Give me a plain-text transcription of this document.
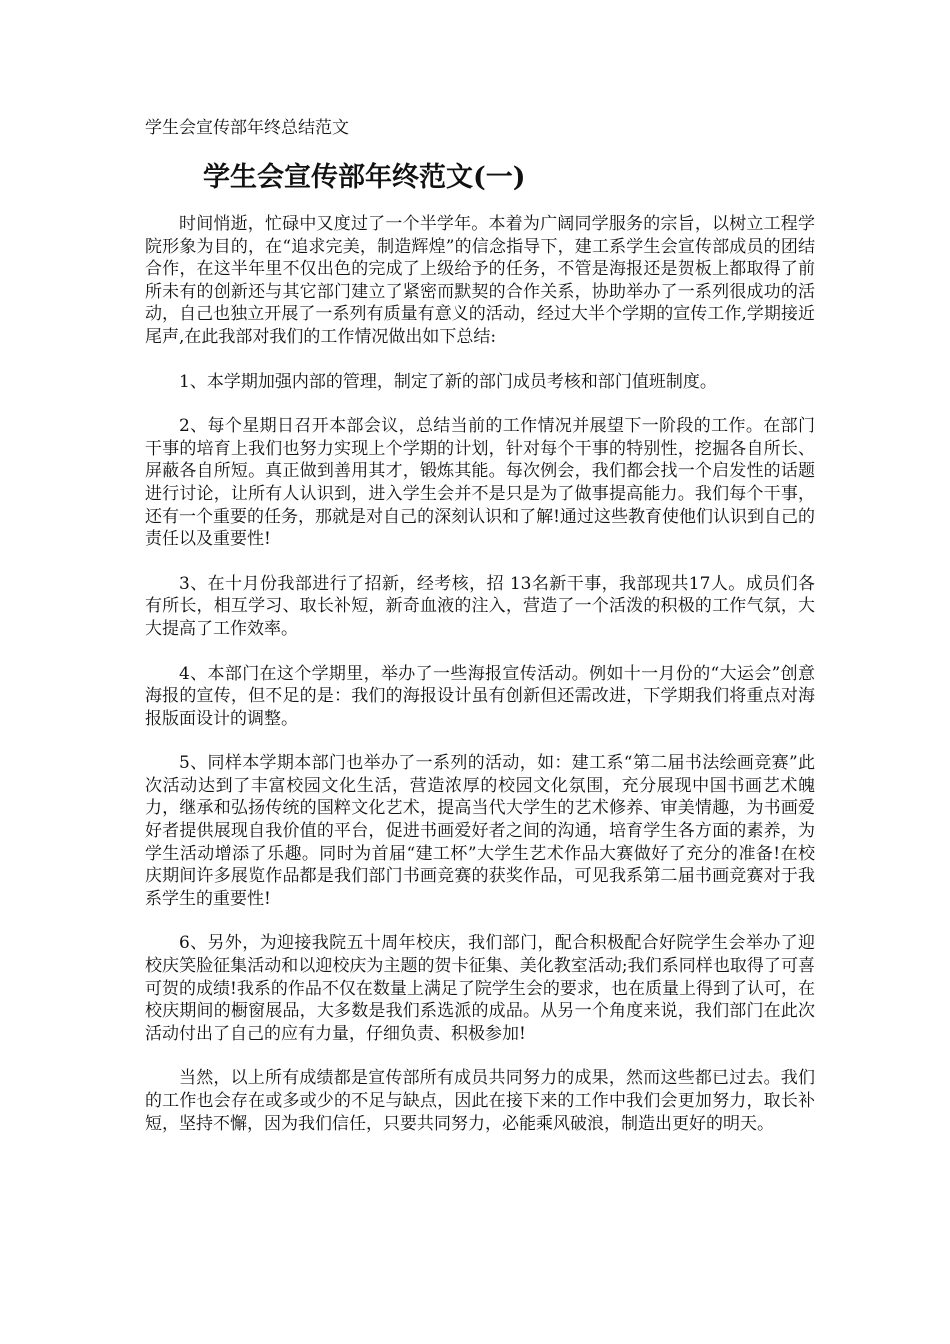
学生会宣传部年终总结范文
学生会宣传部年终范文(一)

时间悄逝，忙碌中又度过了一个半学年。本着为广阔同学服务的宗旨，以树立工程学院形象为目的，在“追求完美，制造辉煌”的信念指导下，建工系学生会宣传部成员的团结合作，在这半年里不仅出色的完成了上级给予的任务，不管是海报还是贺板上都取得了前所未有的创新还与其它部门建立了紧密而默契的合作关系，协助举办了一系列很成功的活动，自己也独立开展了一系列有质量有意义的活动，经过大半个学期的宣传工作,学期接近尾声,在此我部对我们的工作情况做出如下总结:

1、本学期加强内部的管理，制定了新的部门成员考核和部门值班制度。

2、每个星期日召开本部会议，总结当前的工作情况并展望下一阶段的工作。在部门干事的培育上我们也努力实现上个学期的计划，针对每个干事的特别性，挖掘各自所长、屏蔽各自所短。真正做到善用其才，锻炼其能。每次例会，我们都会找一个启发性的话题进行讨论，让所有人认识到，进入学生会并不是只是为了做事提高能力。我们每个干事，还有一个重要的任务，那就是对自己的深刻认识和了解!通过这些教育使他们认识到自己的责任以及重要性!

3、在十月份我部进行了招新，经考核，招 13名新干事，我部现共17人。成员们各有所长，相互学习、取长补短，新奇血液的注入，营造了一个活泼的积极的工作气氛，大大提高了工作效率。

4、本部门在这个学期里，举办了一些海报宣传活动。例如十一月份的“大运会”创意海报的宣传，但不足的是：我们的海报设计虽有创新但还需改进，下学期我们将重点对海报版面设计的调整。

5、同样本学期本部门也举办了一系列的活动，如：建工系“第二届书法绘画竞赛”此次活动达到了丰富校园文化生活，营造浓厚的校园文化氛围，充分展现中国书画艺术魄力，继承和弘扬传统的国粹文化艺术，提高当代大学生的艺术修养、审美情趣，为书画爱好者提供展现自我价值的平台，促进书画爱好者之间的沟通，培育学生各方面的素养，为学生活动增添了乐趣。同时为首届“建工杯”大学生艺术作品大赛做好了充分的准备!在校庆期间许多展览作品都是我们部门书画竞赛的获奖作品，可见我系第二届书画竞赛对于我系学生的重要性!

6、另外，为迎接我院五十周年校庆，我们部门，配合积极配合好院学生会举办了迎校庆笑脸征集活动和以迎校庆为主题的贺卡征集、美化教室活动;我们系同样也取得了可喜可贺的成绩!我系的作品不仅在数量上满足了院学生会的要求，也在质量上得到了认可，在校庆期间的橱窗展品，大多数是我们系选派的成品。从另一个角度来说，我们部门在此次活动付出了自己的应有力量，仔细负责、积极参加!

当然，以上所有成绩都是宣传部所有成员共同努力的成果，然而这些都已过去。我们的工作也会存在或多或少的不足与缺点，因此在接下来的工作中我们会更加努力，取长补短，坚持不懈，因为我们信任，只要共同努力，必能乘风破浪，制造出更好的明天。
